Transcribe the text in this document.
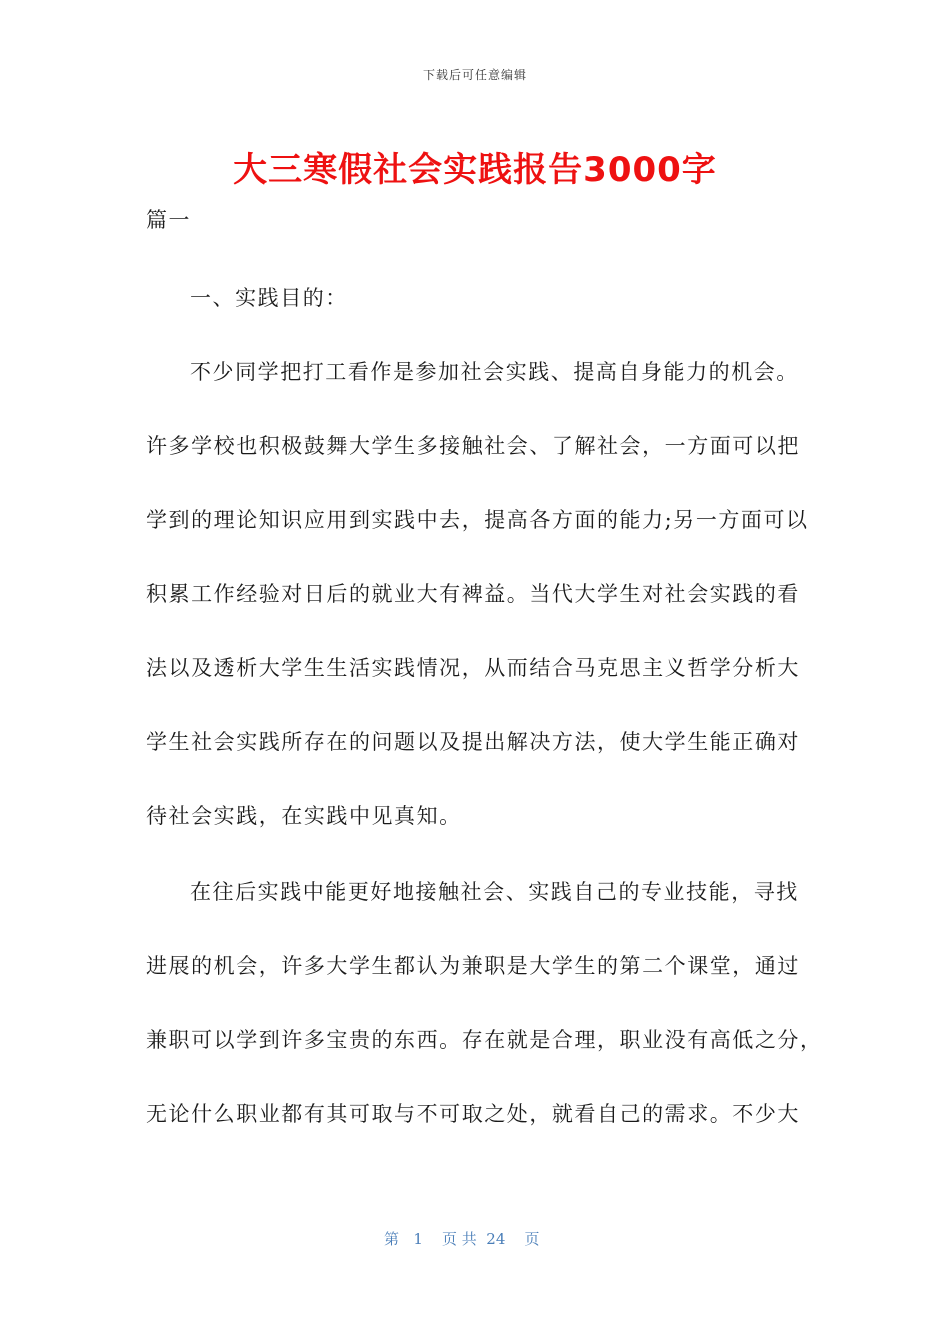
下载后可任意编辑
大三寒假社会实践报告3000字
篇一
一、实践目的：
不少同学把打工看作是参加社会实践、提高自身能力的机会。
许多学校也积极鼓舞大学生多接触社会、了解社会，一方面可以把
学到的理论知识应用到实践中去，提高各方面的能力;另一方面可以
积累工作经验对日后的就业大有裨益。当代大学生对社会实践的看
法以及透析大学生生活实践情况，从而结合马克思主义哲学分析大
学生社会实践所存在的问题以及提出解决方法，使大学生能正确对
待社会实践，在实践中见真知。
在往后实践中能更好地接触社会、实践自己的专业技能，寻找
进展的机会，许多大学生都认为兼职是大学生的第二个课堂，通过
兼职可以学到许多宝贵的东西。存在就是合理，职业没有高低之分，
无论什么职业都有其可取与不可取之处，就看自己的需求。不少大
第 1 页 共 24 页
